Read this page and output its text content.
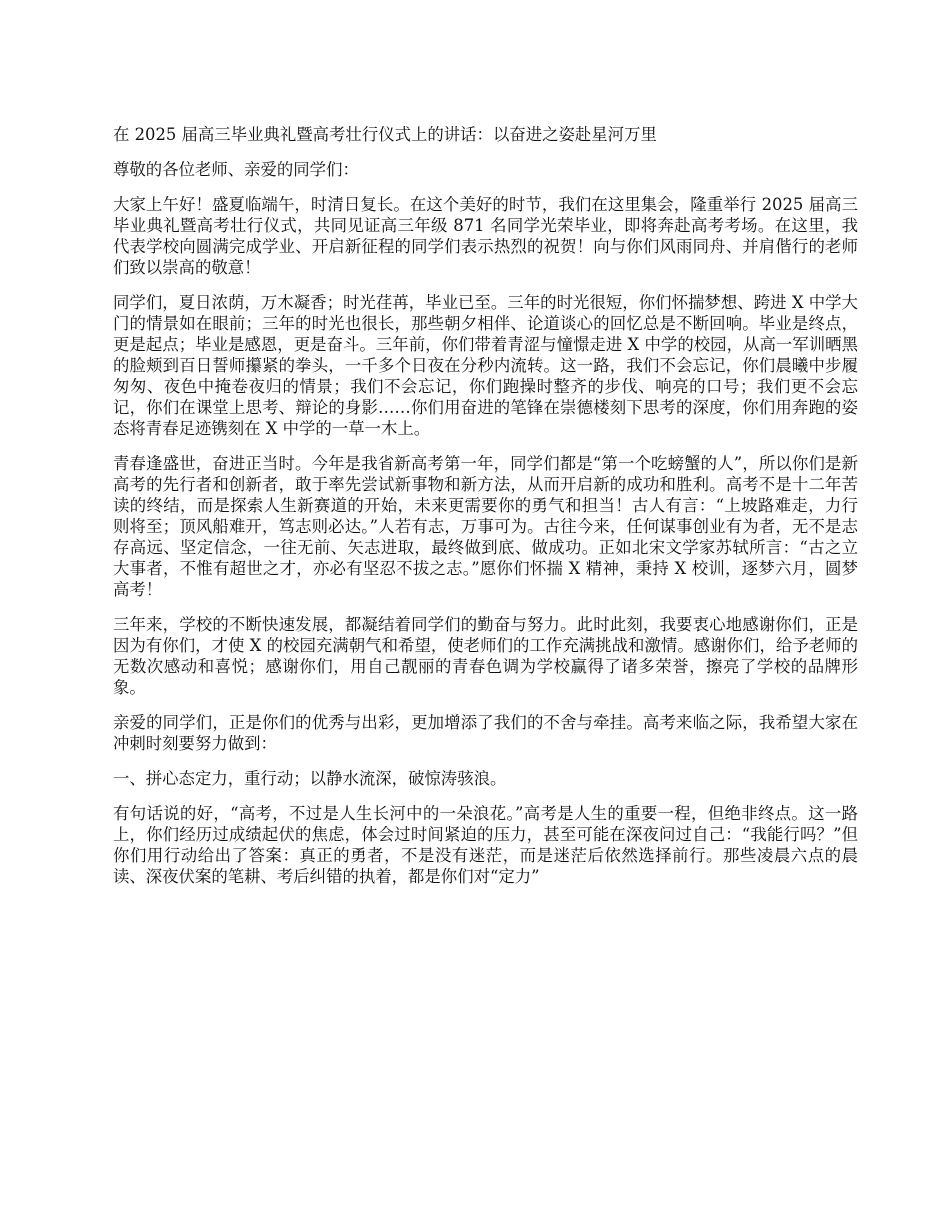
在 2025 届高三毕业典礼暨高考壮行仪式上的讲话：以奋进之姿赴星河万里

尊敬的各位老师、亲爱的同学们：

大家上午好！盛夏临端午，时清日复长。在这个美好的时节，我们在这里集会，隆重举行 2025 届高三毕业典礼暨高考壮行仪式，共同见证高三年级 871 名同学光荣毕业，即将奔赴高考考场。在这里，我代表学校向圆满完成学业、开启新征程的同学们表示热烈的祝贺！向与你们风雨同舟、并肩偕行的老师们致以崇高的敬意！

同学们，夏日浓荫，万木凝香；时光荏苒，毕业已至。三年的时光很短，你们怀揣梦想、跨进 X 中学大门的情景如在眼前；三年的时光也很长，那些朝夕相伴、论道谈心的回忆总是不断回响。毕业是终点，更是起点；毕业是感恩，更是奋斗。三年前，你们带着青涩与憧憬走进 X 中学的校园，从高一军训晒黑的脸颊到百日誓师攥紧的拳头，一千多个日夜在分秒内流转。这一路，我们不会忘记，你们晨曦中步履匆匆、夜色中掩卷夜归的情景；我们不会忘记，你们跑操时整齐的步伐、响亮的口号；我们更不会忘记，你们在课堂上思考、辩论的身影……你们用奋进的笔锋在崇德楼刻下思考的深度，你们用奔跑的姿态将青春足迹镌刻在 X 中学的一草一木上。

青春逢盛世，奋进正当时。今年是我省新高考第一年，同学们都是“第一个吃螃蟹的人”，所以你们是新高考的先行者和创新者，敢于率先尝试新事物和新方法，从而开启新的成功和胜利。高考不是十二年苦读的终结，而是探索人生新赛道的开始，未来更需要你的勇气和担当！古人有言：“上坡路难走，力行则将至；顶风船难开，笃志则必达。”人若有志，万事可为。古往今来，任何谋事创业有为者，无不是志存高远、坚定信念，一往无前、矢志进取，最终做到底、做成功。正如北宋文学家苏轼所言：“古之立大事者，不惟有超世之才，亦必有坚忍不拔之志。”愿你们怀揣 X 精神，秉持 X 校训，逐梦六月，圆梦高考！

三年来，学校的不断快速发展，都凝结着同学们的勤奋与努力。此时此刻，我要衷心地感谢你们，正是因为有你们，才使 X 的校园充满朝气和希望，使老师们的工作充满挑战和激情。感谢你们，给予老师的无数次感动和喜悦；感谢你们，用自己靓丽的青春色调为学校赢得了诸多荣誉，擦亮了学校的品牌形象。

亲爱的同学们，正是你们的优秀与出彩，更加增添了我们的不舍与牵挂。高考来临之际，我希望大家在冲刺时刻要努力做到：

一、拼心态定力，重行动；以静水流深，破惊涛骇浪。

有句话说的好，“高考，不过是人生长河中的一朵浪花。”高考是人生的重要一程，但绝非终点。这一路上，你们经历过成绩起伏的焦虑，体会过时间紧迫的压力，甚至可能在深夜问过自己：“我能行吗？”但你们用行动给出了答案：真正的勇者，不是没有迷茫，而是迷茫后依然选择前行。那些凌晨六点的晨读、深夜伏案的笔耕、考后纠错的执着，都是你们对“定力”
